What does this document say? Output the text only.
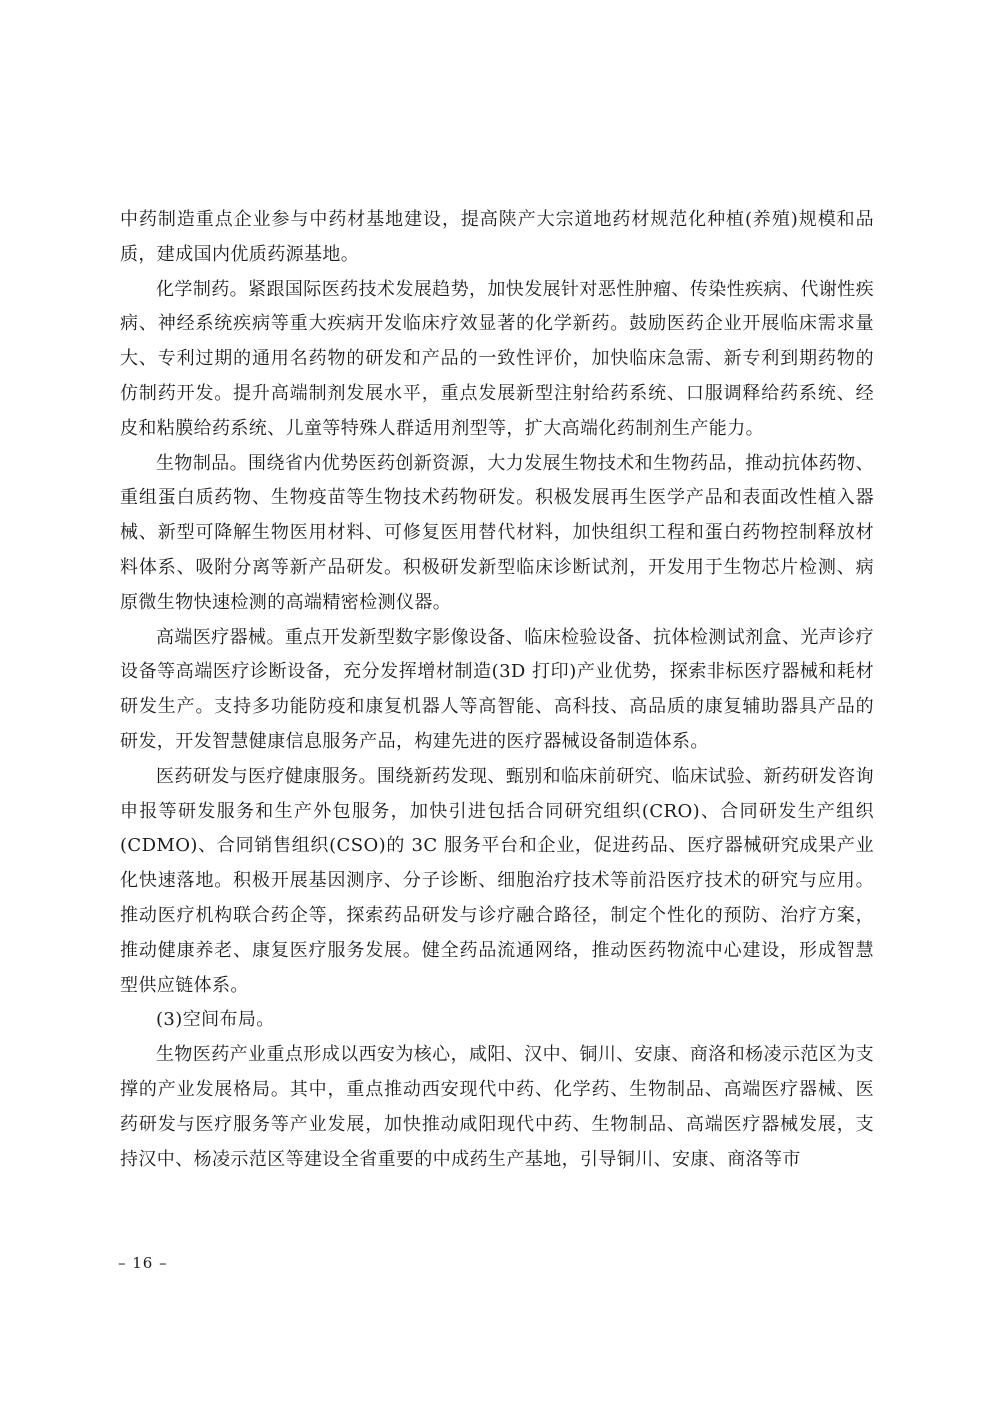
中药制造重点企业参与中药材基地建设，提高陕产大宗道地药材规范化种植(养殖)规模和品质，建成国内优质药源基地。

化学制药。紧跟国际医药技术发展趋势，加快发展针对恶性肿瘤、传染性疾病、代谢性疾病、神经系统疾病等重大疾病开发临床疗效显著的化学新药。鼓励医药企业开展临床需求量大、专利过期的通用名药物的研发和产品的一致性评价，加快临床急需、新专利到期药物的仿制药开发。提升高端制剂发展水平，重点发展新型注射给药系统、口服调释给药系统、经皮和粘膜给药系统、儿童等特殊人群适用剂型等，扩大高端化药制剂生产能力。

生物制品。围绕省内优势医药创新资源，大力发展生物技术和生物药品，推动抗体药物、重组蛋白质药物、生物疫苗等生物技术药物研发。积极发展再生医学产品和表面改性植入器械、新型可降解生物医用材料、可修复医用替代材料，加快组织工程和蛋白药物控制释放材料体系、吸附分离等新产品研发。积极研发新型临床诊断试剂，开发用于生物芯片检测、病原微生物快速检测的高端精密检测仪器。

高端医疗器械。重点开发新型数字影像设备、临床检验设备、抗体检测试剂盒、光声诊疗设备等高端医疗诊断设备，充分发挥增材制造(3D 打印)产业优势，探索非标医疗器械和耗材研发生产。支持多功能防疫和康复机器人等高智能、高科技、高品质的康复辅助器具产品的研发，开发智慧健康信息服务产品，构建先进的医疗器械设备制造体系。

医药研发与医疗健康服务。围绕新药发现、甄别和临床前研究、临床试验、新药研发咨询申报等研发服务和生产外包服务，加快引进包括合同研究组织(CRO)、合同研发生产组织(CDMO)、合同销售组织(CSO)的 3C 服务平台和企业，促进药品、医疗器械研究成果产业化快速落地。积极开展基因测序、分子诊断、细胞治疗技术等前沿医疗技术的研究与应用。推动医疗机构联合药企等，探索药品研发与诊疗融合路径，制定个性化的预防、治疗方案，推动健康养老、康复医疗服务发展。健全药品流通网络，推动医药物流中心建设，形成智慧型供应链体系。

(3)空间布局。

生物医药产业重点形成以西安为核心，咸阳、汉中、铜川、安康、商洛和杨凌示范区为支撑的产业发展格局。其中，重点推动西安现代中药、化学药、生物制品、高端医疗器械、医药研发与医疗服务等产业发展，加快推动咸阳现代中药、生物制品、高端医疗器械发展，支持汉中、杨凌示范区等建设全省重要的中成药生产基地，引导铜川、安康、商洛等市

– 16 –
